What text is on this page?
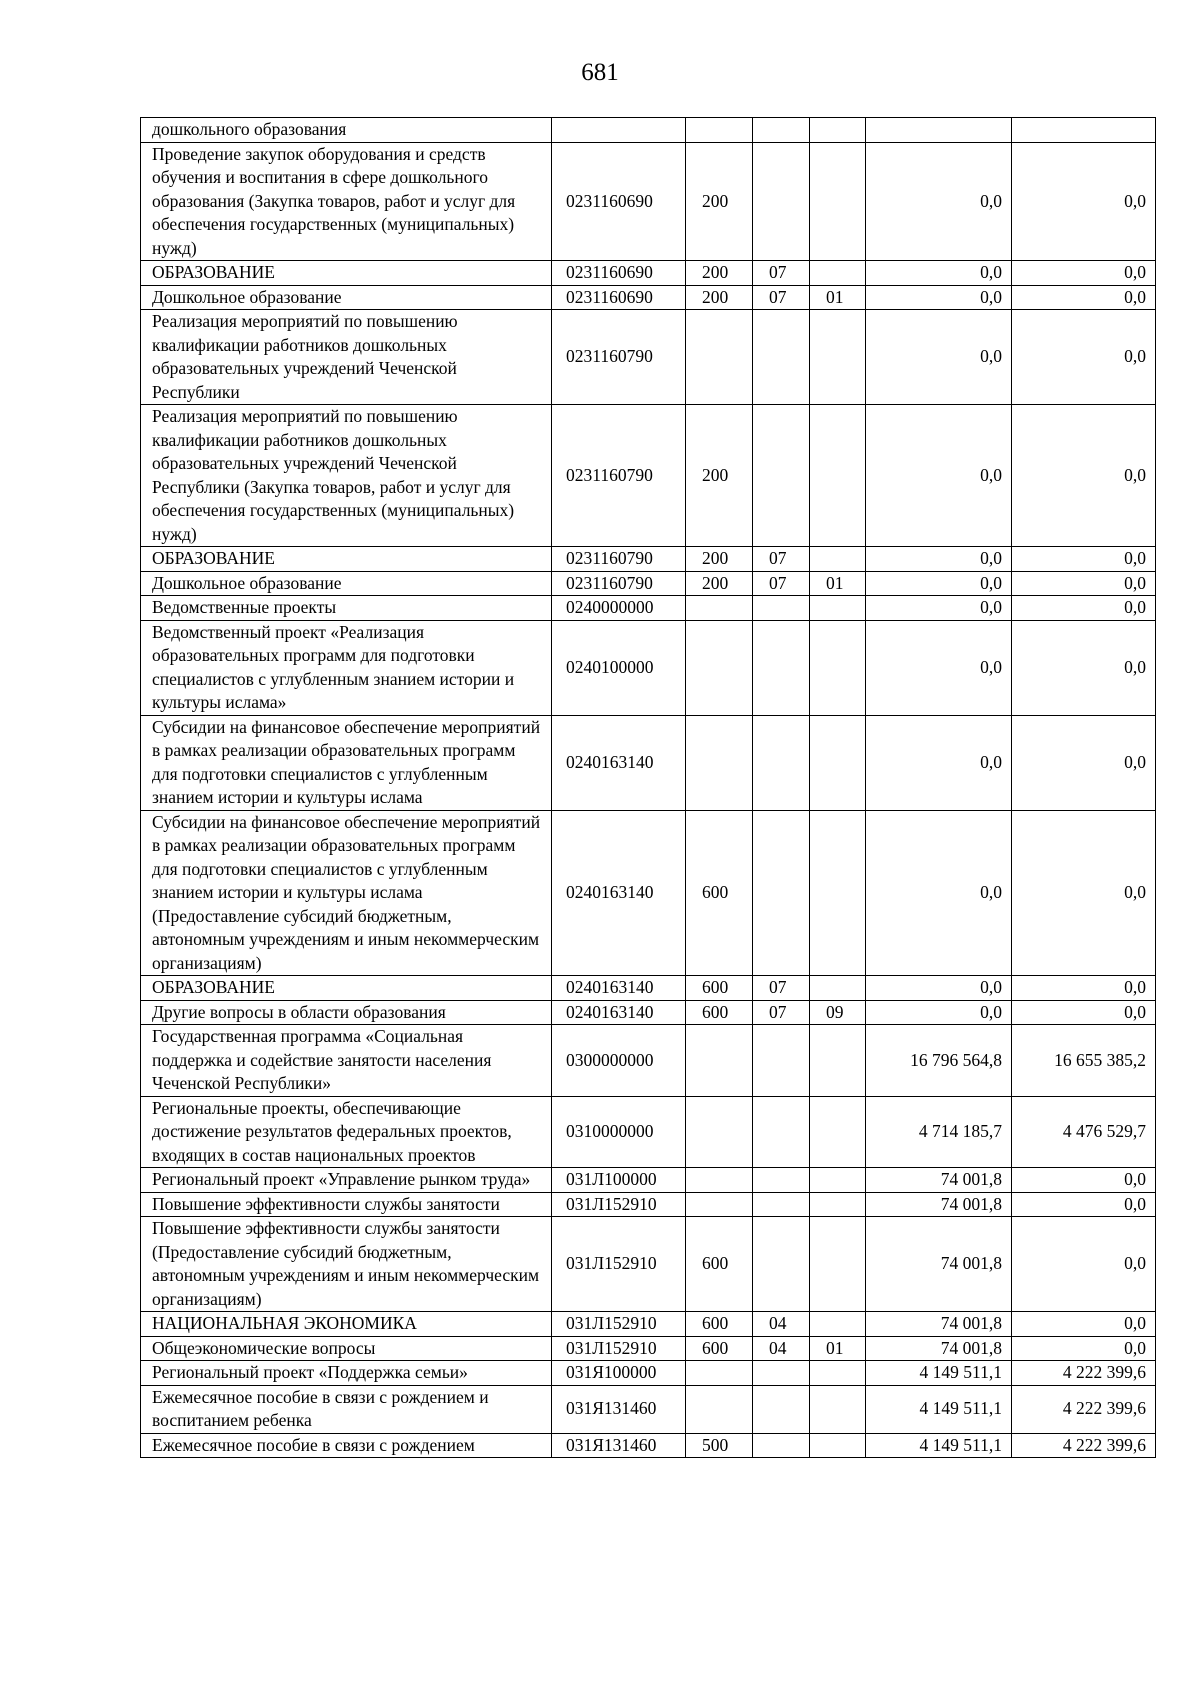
681
дошкольного образования						
Проведение закупок оборудования и средств обучения и воспитания в сфере дошкольного образования (Закупка товаров, работ и услуг для обеспечения государственных (муниципальных) нужд)	0231160690	200			0,0	0,0
ОБРАЗОВАНИЕ	0231160690	200	07		0,0	0,0
Дошкольное образование	0231160690	200	07	01	0,0	0,0
Реализация мероприятий по повышению квалификации работников дошкольных образовательных учреждений Чеченской Республики	0231160790				0,0	0,0
Реализация мероприятий по повышению квалификации работников дошкольных образовательных учреждений Чеченской Республики (Закупка товаров, работ и услуг для обеспечения государственных (муниципальных) нужд)	0231160790	200			0,0	0,0
ОБРАЗОВАНИЕ	0231160790	200	07		0,0	0,0
Дошкольное образование	0231160790	200	07	01	0,0	0,0
Ведомственные проекты	0240000000				0,0	0,0
Ведомственный проект «Реализация образовательных программ для подготовки специалистов с углубленным знанием истории и культуры ислама»	0240100000				0,0	0,0
Субсидии на финансовое обеспечение мероприятий в рамках реализации образовательных программ для подготовки специалистов с углубленным знанием истории и культуры ислама	0240163140				0,0	0,0
Субсидии на финансовое обеспечение мероприятий в рамках реализации образовательных программ для подготовки специалистов с углубленным знанием истории и культуры ислама (Предоставление субсидий бюджетным, автономным учреждениям и иным некоммерческим организациям)	0240163140	600			0,0	0,0
ОБРАЗОВАНИЕ	0240163140	600	07		0,0	0,0
Другие вопросы в области образования	0240163140	600	07	09	0,0	0,0
Государственная программа «Социальная поддержка и содействие занятости населения Чеченской Республики»	0300000000				16 796 564,8	16 655 385,2
Региональные проекты, обеспечивающие достижение результатов федеральных проектов, входящих в состав национальных проектов	0310000000				4 714 185,7	4 476 529,7
Региональный проект «Управление рынком труда»	031Л100000				74 001,8	0,0
Повышение эффективности службы занятости	031Л152910				74 001,8	0,0
Повышение эффективности службы занятости (Предоставление субсидий бюджетным, автономным учреждениям и иным некоммерческим организациям)	031Л152910	600			74 001,8	0,0
НАЦИОНАЛЬНАЯ ЭКОНОМИКА	031Л152910	600	04		74 001,8	0,0
Общеэкономические вопросы	031Л152910	600	04	01	74 001,8	0,0
Региональный проект «Поддержка семьи»	031Я100000				4 149 511,1	4 222 399,6
Ежемесячное пособие в связи с рождением и воспитанием ребенка	031Я131460				4 149 511,1	4 222 399,6
Ежемесячное пособие в связи с рождением	031Я131460	500			4 149 511,1	4 222 399,6
